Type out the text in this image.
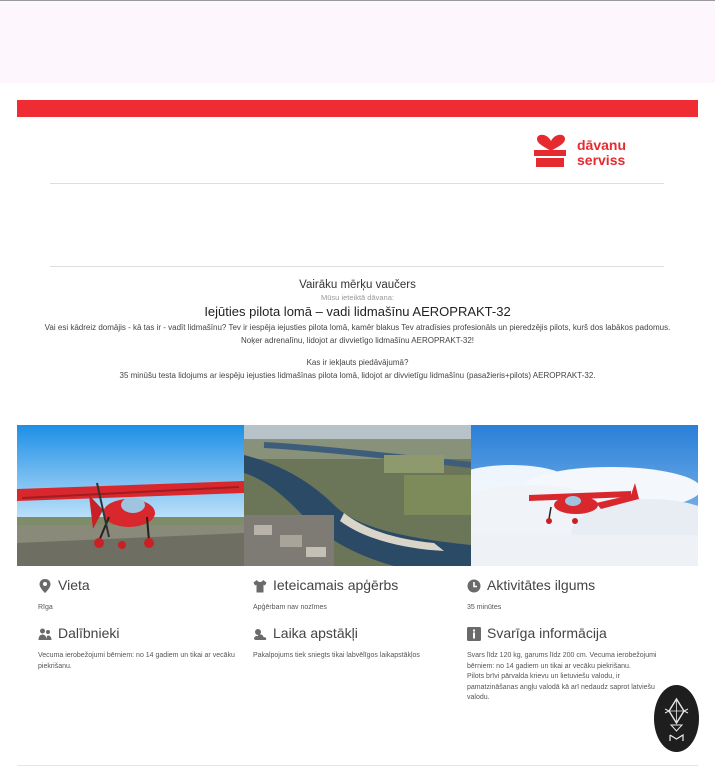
dāvanu
serviss
Vairāku mērķu vaučers
Mūsu ieteiktā dāvana:
Iejūties pilota lomā – vadi lidmašīnu AEROPRAKT-32
Vai esi kādreiz domājis - kā tas ir - vadīt lidmašīnu? Tev ir iespēja iejusties pilota lomā, kamēr blakus Tev atradīsies profesionāls un pieredzējis pilots, kurš dos labākos padomus. Noķer adrenalīnu, lidojot ar divvietīgo lidmašīnu AEROPRAKT-32!
Kas ir iekļauts piedāvājumā?
35 minūšu testa lidojums ar iespēju iejusties lidmašīnas pilota lomā, lidojot ar divvietīgu lidmašīnu (pasažieris+pilots) AEROPRAKT-32.
Vieta
Rīga
Ieteicamais apģērbs
Apģērbam nav nozīmes
Aktivitātes ilgums
35 minūtes
Dalībnieki
Vecuma ierobežojumi bērniem: no 14 gadiem un tikai ar vecāku piekrišanu.
Laika apstākļi
Pakalpojums tiek sniegts tikai labvēlīgos laikapstākļos
Svarīga informācija
Svars līdz 120 kg, garums līdz 200 cm. Vecuma ierobežojumi bērniem: no 14 gadiem un tikai ar vecāku piekrišanu.
Pilots brīvi pārvalda krievu un lietuviešu valodu, ir pamatzināšanas angļu valodā kā arī nedaudz saprot latviešu valodu.
